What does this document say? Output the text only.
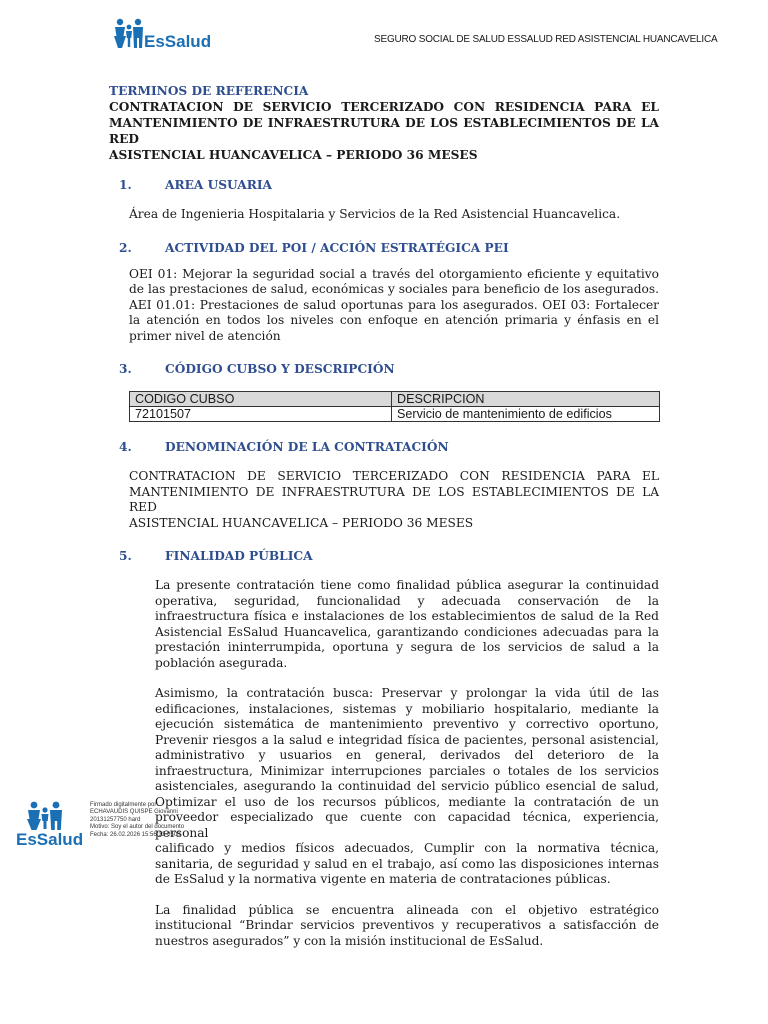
EsSalud	SEGURO SOCIAL DE SALUD ESSALUD RED ASISTENCIAL HUANCAVELICA
TERMINOS DE REFERENCIA
CONTRATACION DE SERVICIO TERCERIZADO CON RESIDENCIA PARA EL
MANTENIMIENTO DE INFRAESTRUTURA DE LOS ESTABLECIMIENTOS DE LA RED
ASISTENCIAL HUANCAVELICA – PERIODO 36 MESES
1.	AREA USUARIA
Área de Ingenieria Hospitalaria y Servicios de la Red Asistencial Huancavelica.
2.	ACTIVIDAD DEL POI / ACCIÓN ESTRATÉGICA PEI
OEI 01: Mejorar la seguridad social a través del otorgamiento eficiente y equitativo
de las prestaciones de salud, económicas y sociales para beneficio de los asegurados.
AEI 01.01: Prestaciones de salud oportunas para los asegurados. OEI 03: Fortalecer
la atención en todos los niveles con enfoque en atención primaria y énfasis en el
primer nivel de atención
3.	CÓDIGO CUBSO Y DESCRIPCIÓN
CODIGO CUBSO	DESCRIPCION
72101507	Servicio de mantenimiento de edificios
4.	DENOMINACIÓN DE LA CONTRATACIÓN
CONTRATACION DE SERVICIO TERCERIZADO CON RESIDENCIA PARA EL
MANTENIMIENTO DE INFRAESTRUTURA DE LOS ESTABLECIMIENTOS DE LA RED
ASISTENCIAL HUANCAVELICA – PERIODO 36 MESES
5.	FINALIDAD PÚBLICA
La presente contratación tiene como finalidad pública asegurar la continuidad
operativa, seguridad, funcionalidad y adecuada conservación de la
infraestructura física e instalaciones de los establecimientos de salud de la Red
Asistencial EsSalud Huancavelica, garantizando condiciones adecuadas para la
prestación ininterrumpida, oportuna y segura de los servicios de salud a la
población asegurada.
Asimismo, la contratación busca: Preservar y prolongar la vida útil de las
edificaciones, instalaciones, sistemas y mobiliario hospitalario, mediante la
ejecución sistemática de mantenimiento preventivo y correctivo oportuno,
Prevenir riesgos a la salud e integridad física de pacientes, personal asistencial,
administrativo y usuarios en general, derivados del deterioro de la
infraestructura, Minimizar interrupciones parciales o totales de los servicios
asistenciales, asegurando la continuidad del servicio público esencial de salud,
Optimizar el uso de los recursos públicos, mediante la contratación de un
proveedor especializado que cuente con capacidad técnica, experiencia, personal
calificado y medios físicos adecuados, Cumplir con la normativa técnica,
sanitaria, de seguridad y salud en el trabajo, así como las disposiciones internas
de EsSalud y la normativa vigente en materia de contrataciones públicas.
La finalidad pública se encuentra alineada con el objetivo estratégico
institucional “Brindar servicios preventivos y recuperativos a satisfacción de
nuestros asegurados” y con la misión institucional de EsSalud.
EsSalud
Firmado digitalmente por:
ECHAVAUDIS QUISPE Giovanni
20131257750 hard
Motivo: Soy el autor del documento
Fecha: 26.02.2026 15:56:33-0500
